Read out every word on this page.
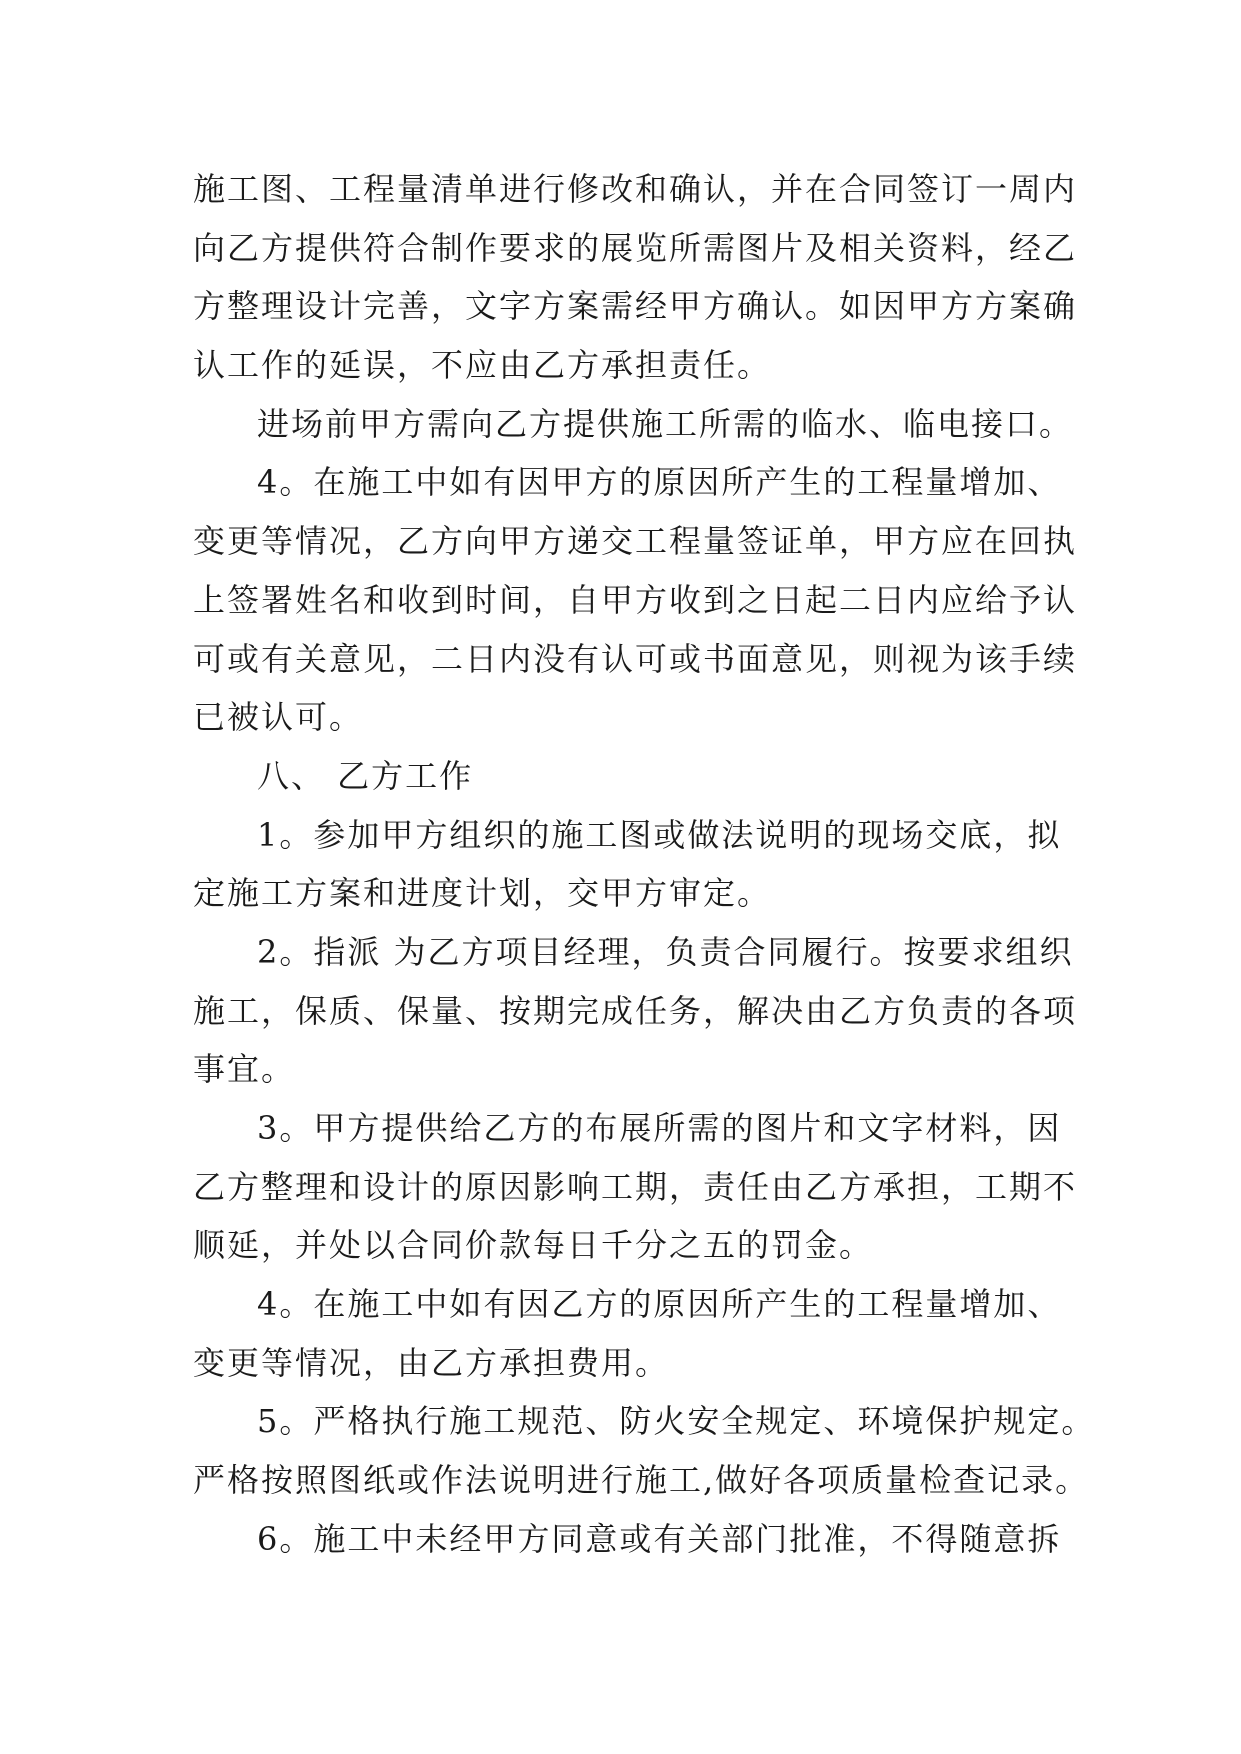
施工图、工程量清单进行修改和确认，并在合同签订一周内
向乙方提供符合制作要求的展览所需图片及相关资料，经乙
方整理设计完善，文字方案需经甲方确认。如因甲方方案确
认工作的延误，不应由乙方承担责任。
进场前甲方需向乙方提供施工所需的临水、临电接口。
4。在施工中如有因甲方的原因所产生的工程量增加、
变更等情况，乙方向甲方递交工程量签证单，甲方应在回执
上签署姓名和收到时间，自甲方收到之日起二日内应给予认
可或有关意见，二日内没有认可或书面意见，则视为该手续
已被认可。
八、 乙方工作
1。参加甲方组织的施工图或做法说明的现场交底，拟
定施工方案和进度计划，交甲方审定。
2。指派 为乙方项目经理，负责合同履行。按要求组织
施工，保质、保量、按期完成任务，解决由乙方负责的各项
事宜。
3。甲方提供给乙方的布展所需的图片和文字材料，因
乙方整理和设计的原因影响工期，责任由乙方承担，工期不
顺延，并处以合同价款每日千分之五的罚金。
4。在施工中如有因乙方的原因所产生的工程量增加、
变更等情况，由乙方承担费用。
5。严格执行施工规范、防火安全规定、环境保护规定。
严格按照图纸或作法说明进行施工,做好各项质量检查记录。
6。施工中未经甲方同意或有关部门批准，不得随意拆
